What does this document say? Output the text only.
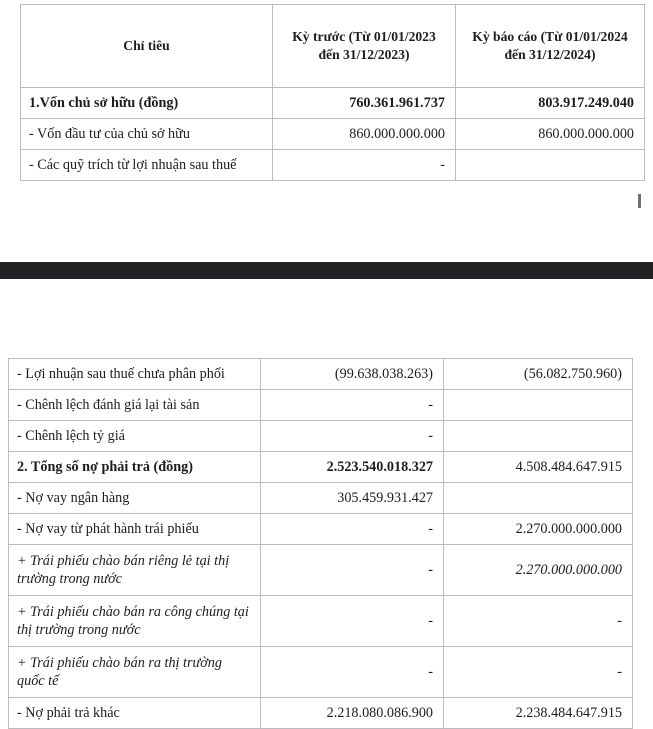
Chỉ tiêu	Kỳ trước (Từ 01/01/2023 đến 31/12/2023)	Kỳ báo cáo (Từ 01/01/2024 đến 31/12/2024)
1.Vốn chủ sở hữu (đồng)	760.361.961.737	803.917.249.040
- Vốn đầu tư của chủ sở hữu	860.000.000.000	860.000.000.000
- Các quỹ trích từ lợi nhuận sau thuế	-	
- Lợi nhuận sau thuế chưa phân phối	(99.638.038.263)	(56.082.750.960)
- Chênh lệch đánh giá lại tài sản	-	
- Chênh lệch tỷ giá	-	
2. Tổng số nợ phải trả (đồng)	2.523.540.018.327	4.508.484.647.915
- Nợ vay ngân hàng	305.459.931.427	
- Nợ vay từ phát hành trái phiếu	-	2.270.000.000.000
+ Trái phiếu chào bán riêng lẻ tại thị trường trong nước	-	2.270.000.000.000
+ Trái phiếu chào bán ra công chúng tại thị trường trong nước	-	-
+ Trái phiếu chào bán ra thị trường quốc tế	-	-
- Nợ phải trả khác	2.218.080.086.900	2.238.484.647.915
